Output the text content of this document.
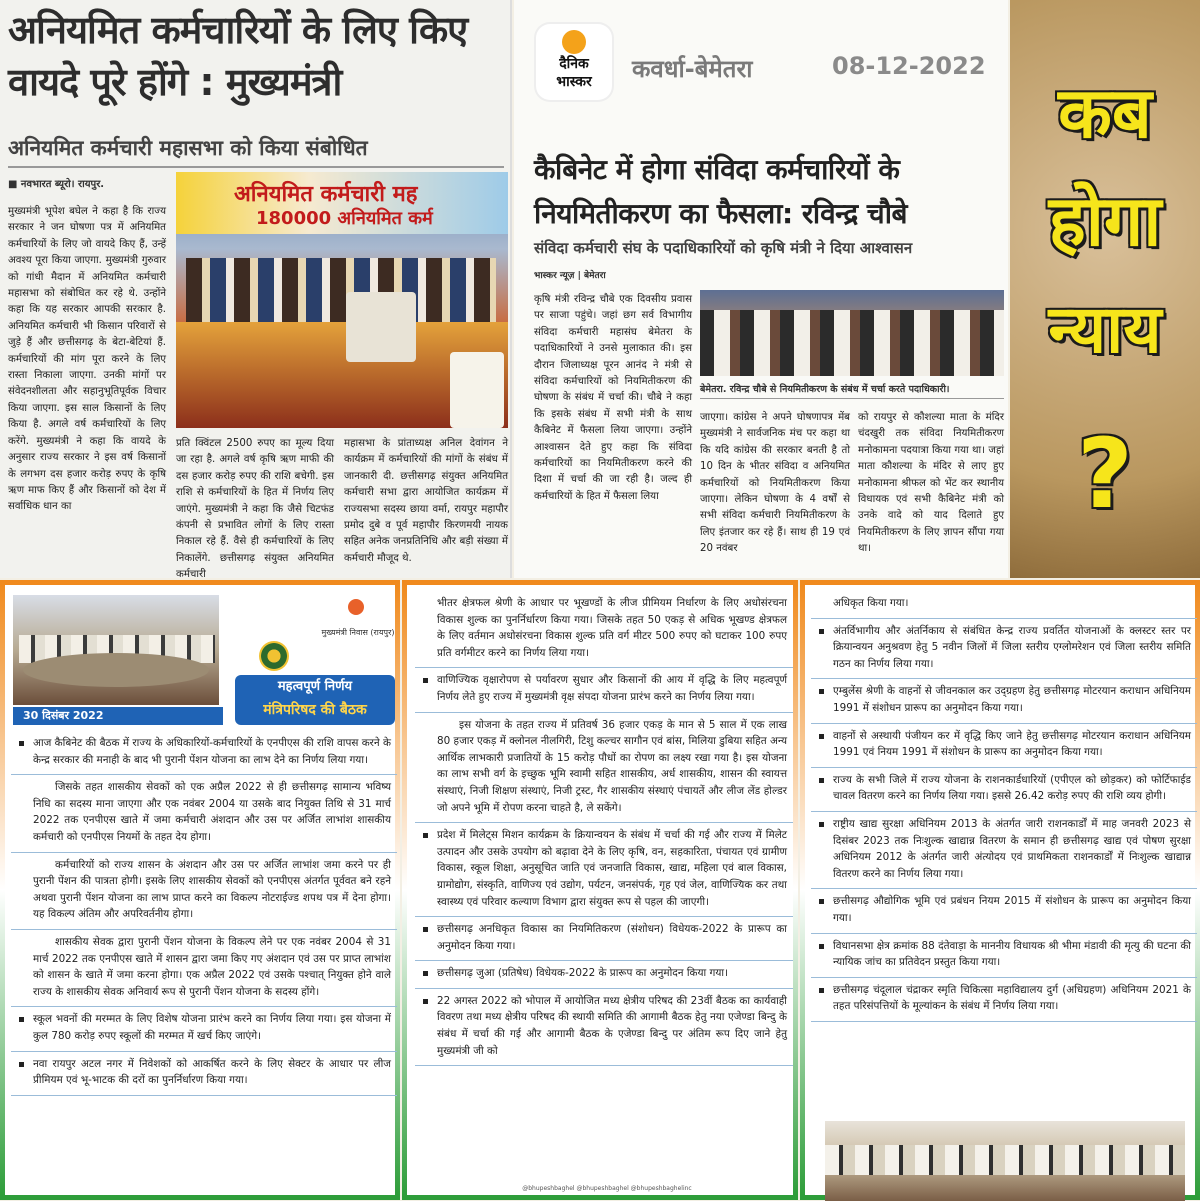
अनियमित कर्मचारियों के लिए किए वायदे पूरे होंगे : मुख्यमंत्री
अनियमित कर्मचारी महासभा को किया संबोधित
■ नवभारत ब्यूरो। रायपुर.
मुख्यमंत्री भूपेश बघेल ने कहा है कि राज्य सरकार ने जन घोषणा पत्र में अनियमित कर्मचारियों के लिए जो वायदे किए हैं, उन्हें अवश्य पूरा किया जाएगा. मुख्यमंत्री गुरुवार को गांधी मैदान में अनियमित कर्मचारी महासभा को संबोधित कर रहे थे. उन्होंने कहा कि यह सरकार आपकी सरकार है. अनियमित कर्मचारी भी किसान परिवारों से जुड़े हैं और छत्तीसगढ़ के बेटा-बेटियां हैं. कर्मचारियों की मांग पूरा करने के लिए रास्ता निकाला जाएगा. उनकी मांगों पर संवेदनशीलता और सहानुभूतिपूर्वक विचार किया जाएगा. इस साल किसानों के लिए किया है. अगले वर्ष कर्मचारियों के लिए करेंगे. मुख्यमंत्री ने कहा कि वायदे के अनुसार राज्य सरकार ने इस वर्ष किसानों के लगभग दस हजार करोड़ रुपए के कृषि ऋण माफ किए हैं और किसानों को देश में सर्वाधिक धान का
अनियमित कर्मचारी मह
180000 अनियमित कर्म
प्रति क्विंटल 2500 रुपए का मूल्य दिया जा रहा है. अगले वर्ष कृषि ऋण माफी की दस हजार करोड़ रुपए की राशि बचेगी. इस राशि से कर्मचारियों के हित में निर्णय लिए जाएंगे. मुख्यमंत्री ने कहा कि जैसे चिटफंड कंपनी से प्रभावित लोगों के लिए रास्ता निकाल रहे हैं. वैसे ही कर्मचारियों के लिए निकालेंगे. छत्तीसगढ़ संयुक्त अनियमित कर्मचारी
महासभा के प्रांताध्यक्ष अनिल देवांगन ने कार्यक्रम में कर्मचारियों की मांगों के संबंध में जानकारी दी. छत्तीसगढ़ संयुक्त अनियमित कर्मचारी सभा द्वारा आयोजित कार्यक्रम में राज्यसभा सदस्य छाया वर्मा, रायपुर महापौर प्रमोद दुबे व पूर्व महापौर किरणमयी नायक सहित अनेक जनप्रतिनिधि और बड़ी संख्या में कर्मचारी मौजूद थे.
दैनिक
भास्कर	कवर्धा-बेमेतरा	08-12-2022
कैबिनेट में होगा संविदा कर्मचारियों के नियमितीकरण का फैसला: रविन्द्र चौबे
संविदा कर्मचारी संघ के पदाधिकारियों को कृषि मंत्री ने दिया आश्वासन
भास्कर न्यूज़ | बेमेतरा
कृषि मंत्री रविन्द्र चौबे एक दिवसीय प्रवास पर साजा पहुंचे। जहां छग सर्व विभागीय संविदा कर्मचारी महासंघ बेमेतरा के पदाधिकारियों ने उनसे मुलाकात की। इस दौरान जिलाध्यक्ष पूरन आनंद ने मंत्री से संविदा कर्मचारियों को नियमितीकरण की घोषणा के संबंध में चर्चा की। चौबे ने कहा कि इसके संबंध में सभी मंत्री के साथ कैबिनेट में फैसला लिया जाएगा। उन्होंने आश्वासन देते हुए कहा कि संविदा कर्मचारियों का नियमितीकरण करने की दिशा में चर्चा की जा रही है। जल्द ही कर्मचारियों के हित में फैसला लिया
बेमेतरा. रविन्द्र चौबे से नियमितीकरण के संबंध में चर्चा करते पदाधिकारी।
जाएगा। कांग्रेस ने अपने घोषणापत्र मेंब मुख्यमंत्री ने सार्वजनिक मंच पर कहा था कि यदि कांग्रेस की सरकार बनती है तो 10 दिन के भीतर संविदा व अनियमित कर्मचारियों को नियमितीकरण किया जाएगा। लेकिन घोषणा के 4 वर्षों से सभी संविदा कर्मचारी नियमितीकरण के लिए इंतजार कर रहे हैं। साथ ही 19 एवं 20 नवंबर
को रायपुर से कौशल्या माता के मंदिर चंदखुरी तक संविदा नियमितीकरण मनोकामना पदयात्रा किया गया था। जहां माता कौशल्या के मंदिर से लाए हुए मनोकामना श्रीफल को भेंट कर स्थानीय विधायक एवं सभी कैबिनेट मंत्री को उनके वादे को याद दिलाते हुए नियमितीकरण के लिए ज्ञापन सौंपा गया था।
कब
होगा
न्याय
?
मुख्यमंत्री निवास (रायपुर)
महत्वपूर्ण निर्णय
मंत्रिपरिषद की बैठक
30 दिसंबर 2022
आज कैबिनेट की बैठक में राज्य के अधिकारियों-कर्मचारियों के एनपीएस की राशि वापस करने के केन्द्र सरकार की मनाही के बाद भी पुरानी पेंशन योजना का लाभ देने का निर्णय लिया गया।
जिसके तहत शासकीय सेवकों को एक अप्रैल 2022 से ही छत्तीसगढ़ सामान्य भविष्य निधि का सदस्य माना जाएगा और एक नवंबर 2004 या उसके बाद नियुक्त तिथि से 31 मार्च 2022 तक एनपीएस खाते में जमा कर्मचारी अंशदान और उस पर अर्जित लाभांश शासकीय कर्मचारी को एनपीएस नियमों के तहत देय होगा।
कर्मचारियों को राज्य शासन के अंशदान और उस पर अर्जित लाभांश जमा करने पर ही पुरानी पेंशन की पात्रता होगी। इसके लिए शासकीय सेवकों को एनपीएस अंतर्गत पूर्ववत बने रहने अथवा पुरानी पेंशन योजना का लाभ प्राप्त करने का विकल्प नोटराईज्ड शपथ पत्र में देना होगा। यह विकल्प अंतिम और अपरिवर्तनीय होगा।
शासकीय सेवक द्वारा पुरानी पेंशन योजना के विकल्प लेने पर एक नवंबर 2004 से 31 मार्च 2022 तक एनपीएस खाते में शासन द्वारा जमा किए गए अंशदान एवं उस पर प्राप्त लाभांश को शासन के खाते में जमा करना होगा। एक अप्रैल 2022 एवं उसके पश्चात् नियुक्त होने वाले राज्य के शासकीय सेवक अनिवार्य रूप से पुरानी पेंशन योजना के सदस्य होंगे।
स्कूल भवनों की मरम्मत के लिए विशेष योजना प्रारंभ करने का निर्णय लिया गया। इस योजना में कुल 780 करोड़ रुपए स्कूलों की मरम्मत में खर्च किए जाएंगे।
नवा रायपुर अटल नगर में निवेशकों को आकर्षित करने के लिए सेक्टर के आधार पर लीज प्रीमियम एवं भू-भाटक की दरों का पुनर्निर्धारण किया गया।
भीतर क्षेत्रफल श्रेणी के आधार पर भूखण्डों के लीज प्रीमियम निर्धारण के लिए अधोसंरचना विकास शुल्क का पुनर्निर्धारण किया गया। जिसके तहत 50 एकड़ से अधिक भूखण्ड क्षेत्रफल के लिए वर्तमान अधोसंरचना विकास शुल्क प्रति वर्ग मीटर 500 रुपए को घटाकर 100 रुपए प्रति वर्गमीटर करने का निर्णय लिया गया।
वाणिज्यिक वृक्षारोपण से पर्यावरण सुधार और किसानों की आय में वृद्धि के लिए महत्वपूर्ण निर्णय लेते हुए राज्य में मुख्यमंत्री वृक्ष संपदा योजना प्रारंभ करने का निर्णय लिया गया।
इस योजना के तहत राज्य में प्रतिवर्ष 36 हजार एकड़ के मान से 5 साल में एक लाख 80 हजार एकड़ में क्लोनल नीलगिरी, टिशु कल्चर सागौन एवं बांस, मिलिया डुबिया सहित अन्य आर्थिक लाभकारी प्रजातियों के 15 करोड़ पौधों का रोपण का लक्ष्य रखा गया है। इस योजना का लाभ सभी वर्ग के इच्छुक भूमि स्वामी सहित शासकीय, अर्ध शासकीय, शासन की स्वायत्त संस्थाएं, निजी शिक्षण संस्थाएं, निजी ट्रस्ट, गैर शासकीय संस्थाएं पंचायतें और लीज लेंड होल्डर जो अपने भूमि में रोपण करना चाहते है, ले सकेंगे।
प्रदेश में मिलेट्स मिशन कार्यक्रम के क्रियान्वयन के संबंध में चर्चा की गई और राज्य में मिलेट उत्पादन और उसके उपयोग को बढ़ावा देने के लिए कृषि, वन, सहकारिता, पंचायत एवं ग्रामीण विकास, स्कूल शिक्षा, अनुसूचित जाति एवं जनजाति विकास, खाद्य, महिला एवं बाल विकास, ग्रामोद्योग, संस्कृति, वाणिज्य एवं उद्योग, पर्यटन, जनसंपर्क, गृह एवं जेल, वाणिज्यिक कर तथा स्वास्थ्य एवं परिवार कल्याण विभाग द्वारा संयुक्त रूप से पहल की जाएगी।
छत्तीसगढ़ अनधिकृत विकास का नियमितिकरण (संशोधन) विधेयक-2022 के प्रारूप का अनुमोदन किया गया।
छत्तीसगढ़ जुआ (प्रतिषेध) विधेयक-2022 के प्रारूप का अनुमोदन किया गया।
22 अगस्त 2022 को भोपाल में आयोजित मध्य क्षेत्रीय परिषद की 23वीं बैठक का कार्यवाही विवरण तथा मध्य क्षेत्रीय परिषद की स्थायी समिति की आगामी बैठक हेतु नया एजेण्डा बिन्दु के संबंध में चर्चा की गई और आगामी बैठक के एजेण्डा बिन्दु पर अंतिम रूप दिए जाने हेतु मुख्यमंत्री जी को
@bhupeshbaghel @bhupeshbaghel @bhupeshbaghelinc
अधिकृत किया गया।
अंतर्विभागीय और अंतर्निकाय से संबंधित केन्द्र राज्य प्रवर्तित योजनाओं के क्लस्टर स्तर पर क्रियान्वयन अनुश्रवण हेतु 5 नवीन जिलों में जिला स्तरीय एग्लोमरेशन एवं जिला स्तरीय समिति गठन का निर्णय लिया गया।
एम्बुलेंस श्रेणी के वाहनों से जीवनकाल कर उद्ग्रहण हेतु छत्तीसगढ़ मोटरयान कराधान अधिनियम 1991 में संशोधन प्रारूप का अनुमोदन किया गया।
वाहनों से अस्थायी पंजीयन कर में वृद्धि किए जाने हेतु छत्तीसगढ़ मोटरयान कराधान अधिनियम 1991 एवं नियम 1991 में संशोधन के प्रारूप का अनुमोदन किया गया।
राज्य के सभी जिले में राज्य योजना के राशनकार्डधारियों (एपीएल को छोड़कर) को फोर्टिफाईड चावल वितरण करने का निर्णय लिया गया। इससे 26.42 करोड़ रुपए की राशि व्यय होगी।
राष्ट्रीय खाद्य सुरक्षा अधिनियम 2013 के अंतर्गत जारी राशनकार्डों में माह जनवरी 2023 से दिसंबर 2023 तक निःशुल्क खाद्यान्न वितरण के समान ही छत्तीसगढ़ खाद्य एवं पोषण सुरक्षा अधिनियम 2012 के अंतर्गत जारी अंत्योदय एवं प्राथमिकता राशनकार्डों में निःशुल्क खाद्यान्न वितरण करने का निर्णय लिया गया।
छत्तीसगढ़ औद्योगिक भूमि एवं प्रबंधन नियम 2015 में संशोधन के प्रारूप का अनुमोदन किया गया।
विधानसभा क्षेत्र क्रमांक 88 दंतेवाड़ा के माननीय विधायक श्री भीमा मंडावी की मृत्यु की घटना की न्यायिक जांच का प्रतिवेदन प्रस्तुत किया गया।
छत्तीसगढ़ चंदूलाल चंद्राकर स्मृति चिकित्सा महाविद्यालय दुर्ग (अधिग्रहण) अधिनियम 2021 के तहत परिसंपत्तियों के मूल्यांकन के संबंध में निर्णय लिया गया।
